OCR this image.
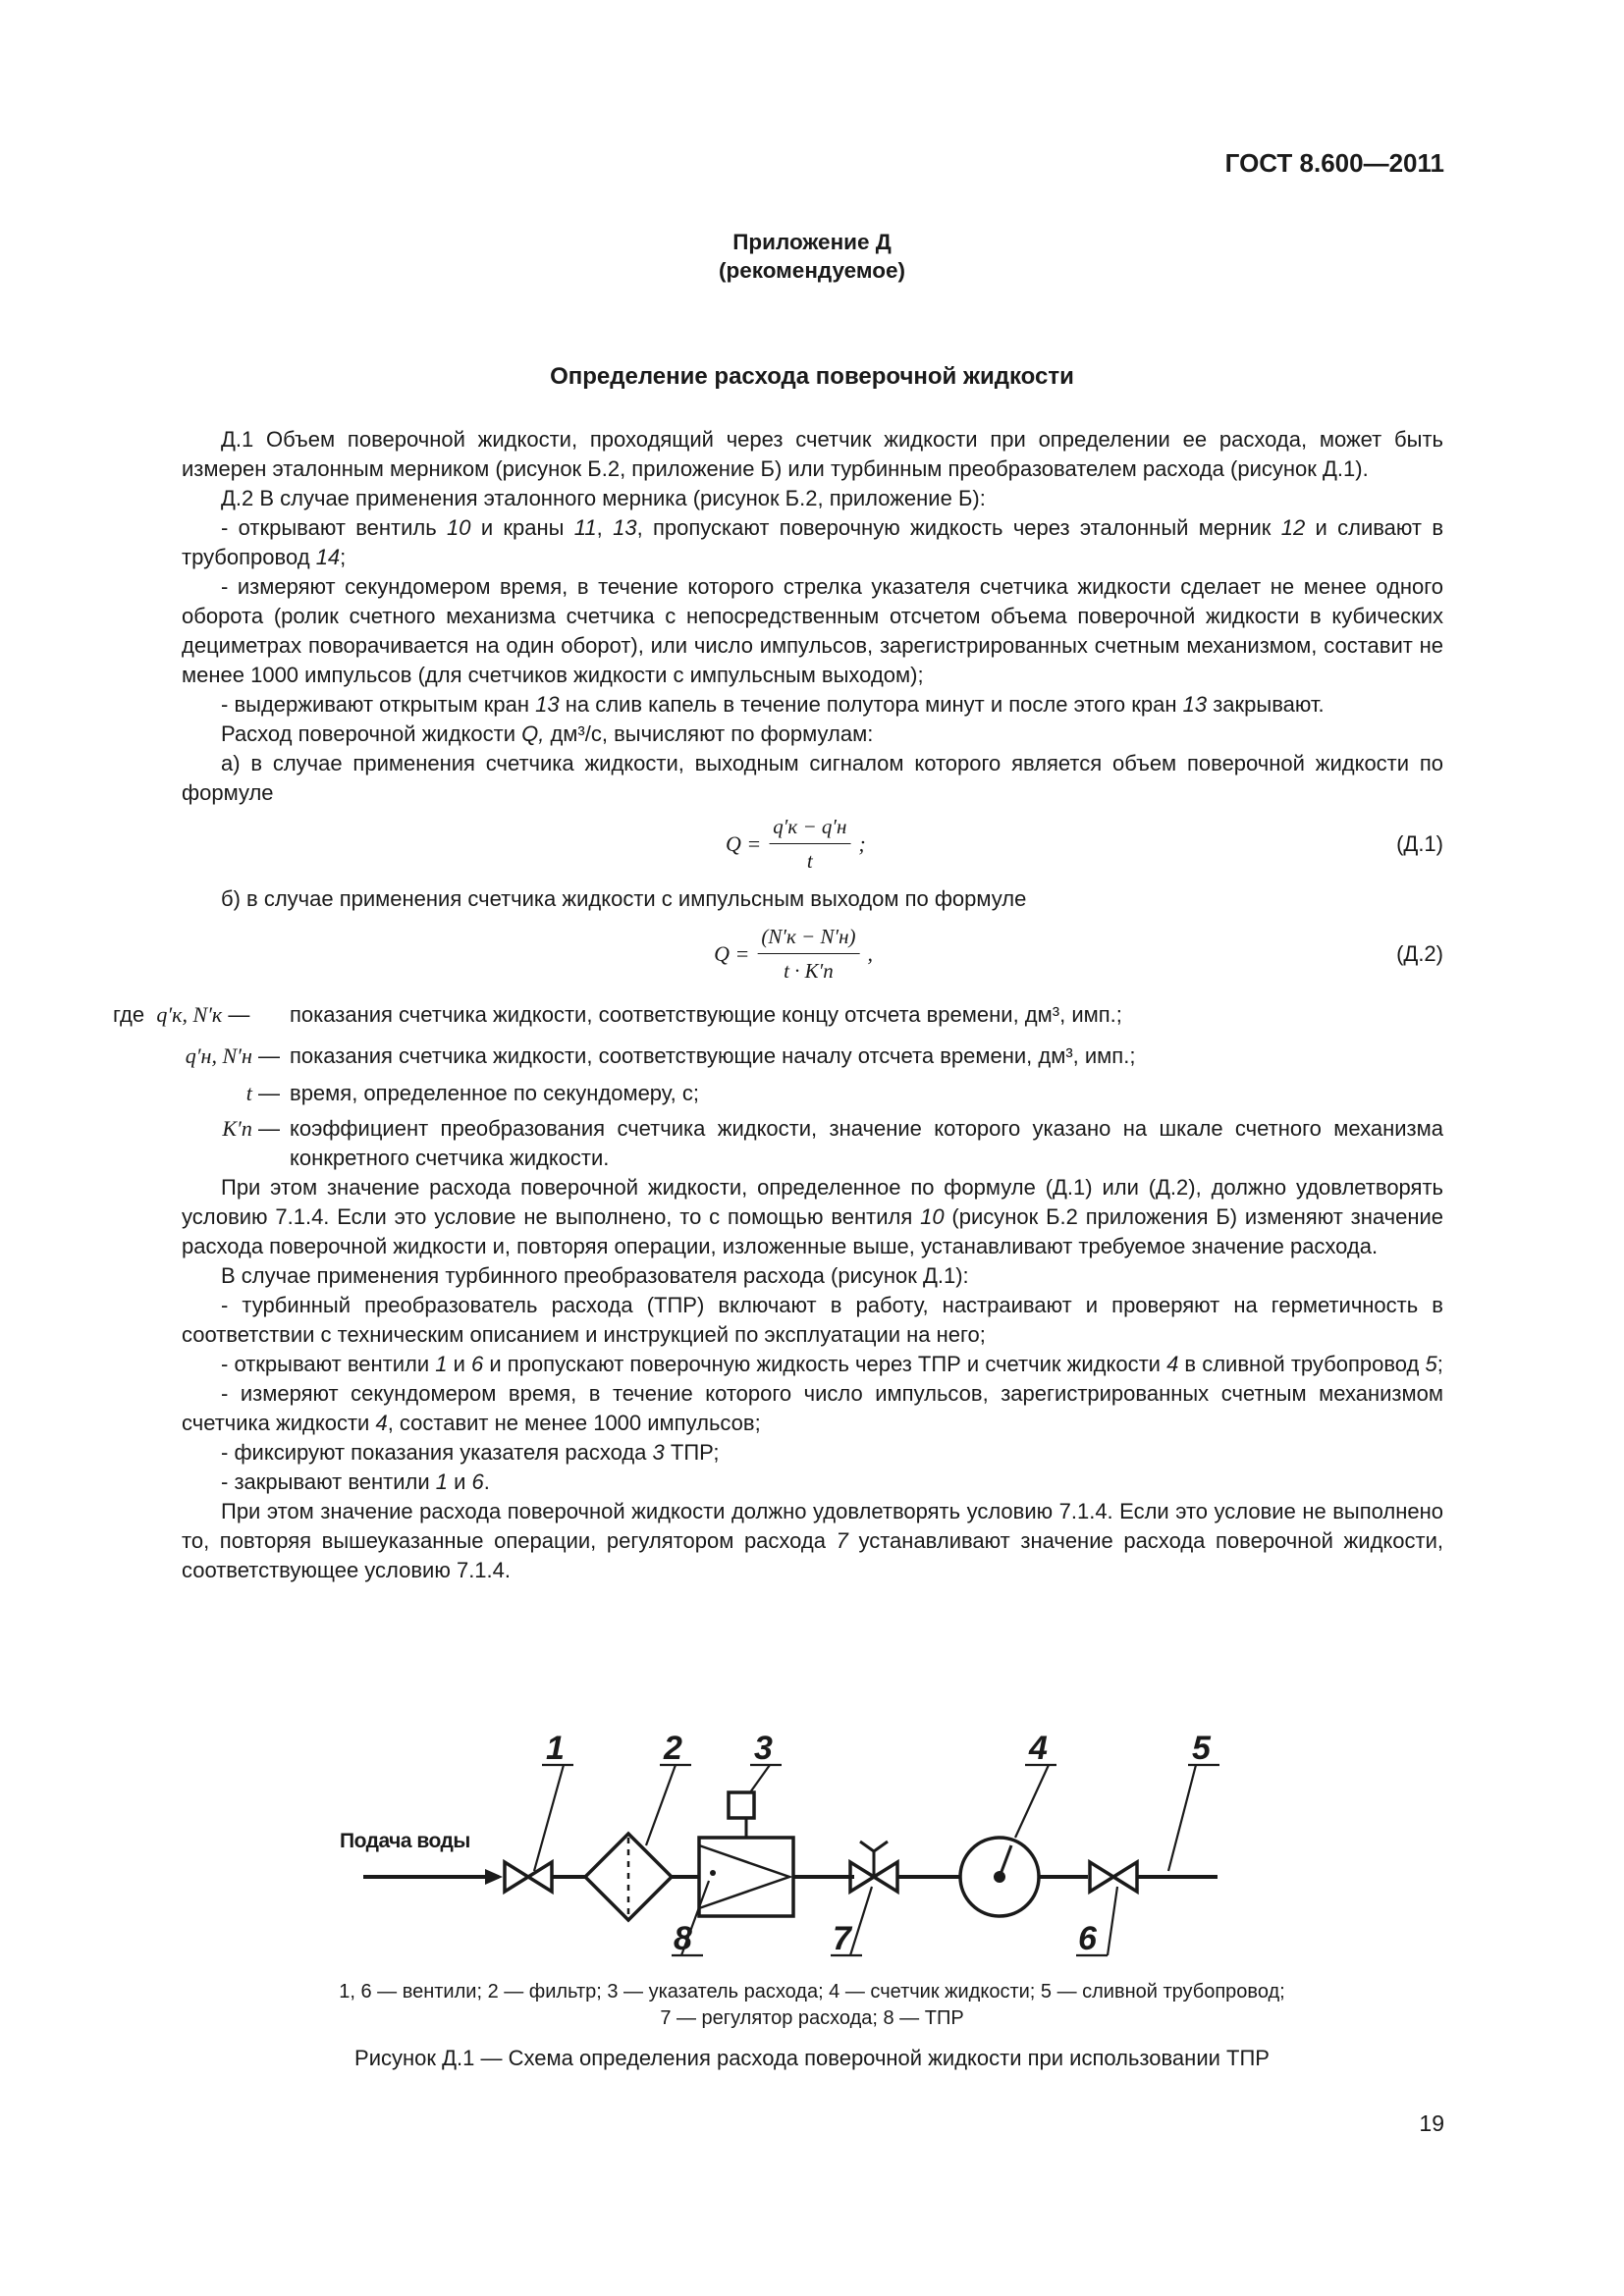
ГОСТ 8.600—2011
Приложение Д
(рекомендуемое)
Определение расхода поверочной жидкости

Д.1 Объем поверочной жидкости, проходящий через счетчик жидкости при определении ее расхода, может быть измерен эталонным мерником (рисунок Б.2, приложение Б) или турбинным преобразователем расхода (рисунок Д.1).

Д.2 В случае применения эталонного мерника (рисунок Б.2, приложение Б):

- открывают вентиль 10 и краны 11, 13, пропускают поверочную жидкость через эталонный мерник 12 и сливают в трубопровод 14;

- измеряют секундомером время, в течение которого стрелка указателя счетчика жидкости сделает не менее одного оборота (ролик счетного механизма счетчика с непосредственным отсчетом объема поверочной жидкости в кубических дециметрах поворачивается на один оборот), или число импульсов, зарегистрированных счетным механизмом, составит не менее 1000 импульсов (для счетчиков жидкости с импульсным выходом);

- выдерживают открытым кран 13 на слив капель в течение полутора минут и после этого кран 13 закрывают.

Расход поверочной жидкости Q, дм³/с, вычисляют по формулам:

а) в случае применения счетчика жидкости, выходным сигналом которого является объем поверочной жидкости по формуле

$Q = \frac{q'к - q'н}{t}$ ;	(Д.1)

б) в случае применения счетчика жидкости с импульсным выходом по формуле

$Q = \frac{(N'к - N'н)}{t \cdot K'п}$ ,	(Д.2)
где q′к, N′к —	показания счетчика жидкости, соответствующие концу отсчета времени, дм³, имп.;
q′н, N′н — показания счетчика жидкости, соответствующие началу отсчета времени, дм³, имп.;
t — время, определенное по секундомеру, с;
K′п — коэффициент преобразования счетчика жидкости, значение которого указано на шкале счетного механизма конкретного счетчика жидкости.

При этом значение расхода поверочной жидкости, определенное по формуле (Д.1) или (Д.2), должно удовлетворять условию 7.1.4. Если это условие не выполнено, то с помощью вентиля 10 (рисунок Б.2 приложения Б) изменяют значение расхода поверочной жидкости и, повторяя операции, изложенные выше, устанавливают требуемое значение расхода.

В случае применения турбинного преобразователя расхода (рисунок Д.1):

- турбинный преобразователь расхода (ТПР) включают в работу, настраивают и проверяют на герметичность в соответствии с техническим описанием и инструкцией по эксплуатации на него;

- открывают вентили 1 и 6 и пропускают поверочную жидкость через ТПР и счетчик жидкости 4 в сливной трубопровод 5;

- измеряют секундомером время, в течение которого число импульсов, зарегистрированных счетным механизмом счетчика жидкости 4, составит не менее 1000 импульсов;

- фиксируют показания указателя расхода 3 ТПР;

- закрывают вентили 1 и 6.

При этом значение расхода поверочной жидкости должно удовлетворять условию 7.1.4. Если это условие не выполнено то, повторяя вышеуказанные операции, регулятором расхода 7 устанавливают значение расхода поверочной жидкости, соответствующее условию 7.1.4.

Подача воды
1	2 3	4	5
6
7
8
1, 6 — вентили; 2 — фильтр; 3 — указатель расхода; 4 — счетчик жидкости; 5 — сливной трубопровод;
7 — регулятор расхода; 8 — ТПР
Рисунок Д.1 — Схема определения расхода поверочной жидкости при использовании ТПР
19
